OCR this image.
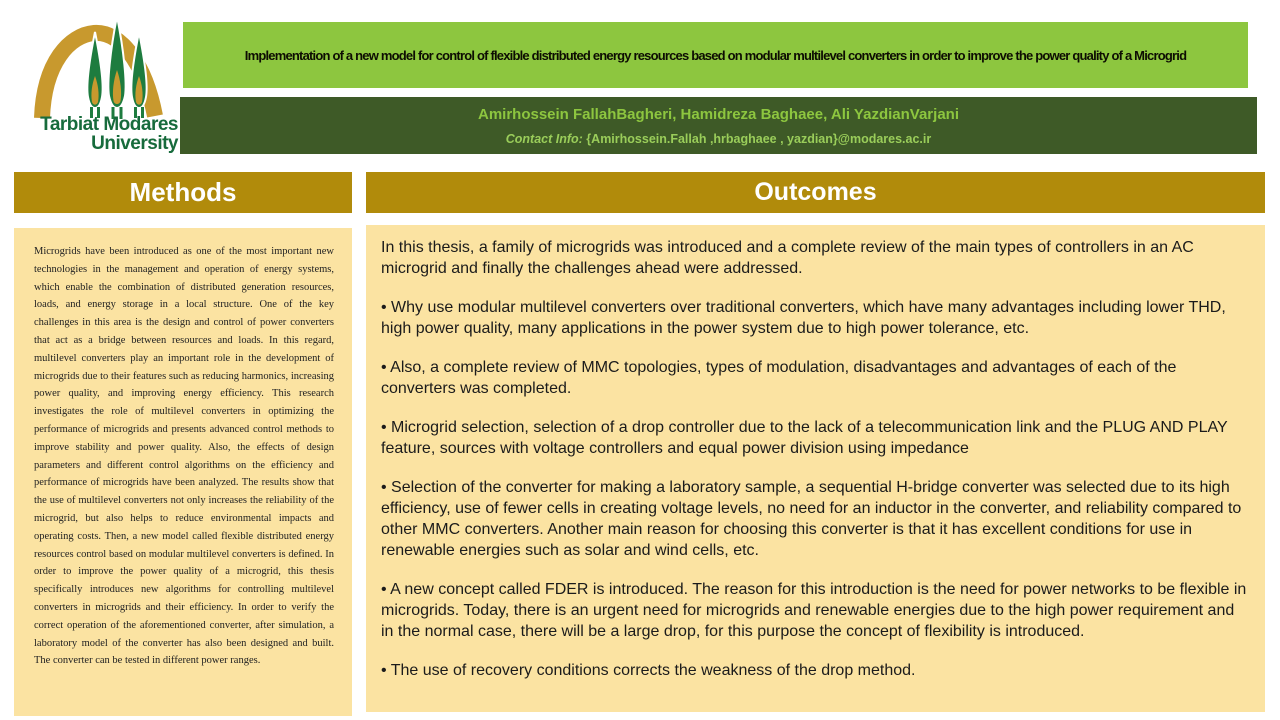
Tarbiat Modares
University
Implementation of a new model for control of flexible distributed energy resources based on modular multilevel converters in order to improve the power quality of a Microgrid
Amirhossein FallahBagheri, Hamidreza Baghaee, Ali YazdianVarjani
Contact Info: {Amirhossein.Fallah ,hrbaghaee , yazdian}@modares.ac.ir
Methods

Microgrids have been introduced as one of the most important new technologies in the management and operation of energy systems, which enable the combination of distributed generation resources, loads, and energy storage in a local structure. One of the key challenges in this area is the design and control of power converters that act as a bridge between resources and loads. In this regard, multilevel converters play an important role in the development of microgrids due to their features such as reducing harmonics, increasing power quality, and improving energy efficiency. This research investigates the role of multilevel converters in optimizing the performance of microgrids and presents advanced control methods to improve stability and power quality. Also, the effects of design parameters and different control algorithms on the efficiency and performance of microgrids have been analyzed. The results show that the use of multilevel converters not only increases the reliability of the microgrid, but also helps to reduce environmental impacts and operating costs. Then, a new model called flexible distributed energy resources control based on modular multilevel converters is defined. In order to improve the power quality of a microgrid, this thesis specifically introduces new algorithms for controlling multilevel converters in microgrids and their efficiency. In order to verify the correct operation of the aforementioned converter, after simulation, a laboratory model of the converter has also been designed and built. The converter can be tested in different power ranges.

Outcomes

In this thesis, a family of microgrids was introduced and a complete review of the main types of controllers in an AC microgrid and finally the challenges ahead were addressed.

• Why use modular multilevel converters over traditional converters, which have many advantages including lower THD, high power quality, many applications in the power system due to high power tolerance, etc.

• Also, a complete review of MMC topologies, types of modulation, disadvantages and advantages of each of the converters was completed.

• Microgrid selection, selection of a drop controller due to the lack of a telecommunication link and the PLUG AND PLAY feature, sources with voltage controllers and equal power division using impedance

• Selection of the converter for making a laboratory sample, a sequential H-bridge converter was selected due to its high efficiency, use of fewer cells in creating voltage levels, no need for an inductor in the converter, and reliability compared to other MMC converters. Another main reason for choosing this converter is that it has excellent conditions for use in renewable energies such as solar and wind cells, etc.

• A new concept called FDER is introduced. The reason for this introduction is the need for power networks to be flexible in microgrids. Today, there is an urgent need for microgrids and renewable energies due to the high power requirement and in the normal case, there will be a large drop, for this purpose the concept of flexibility is introduced.

• The use of recovery conditions corrects the weakness of the drop method.
